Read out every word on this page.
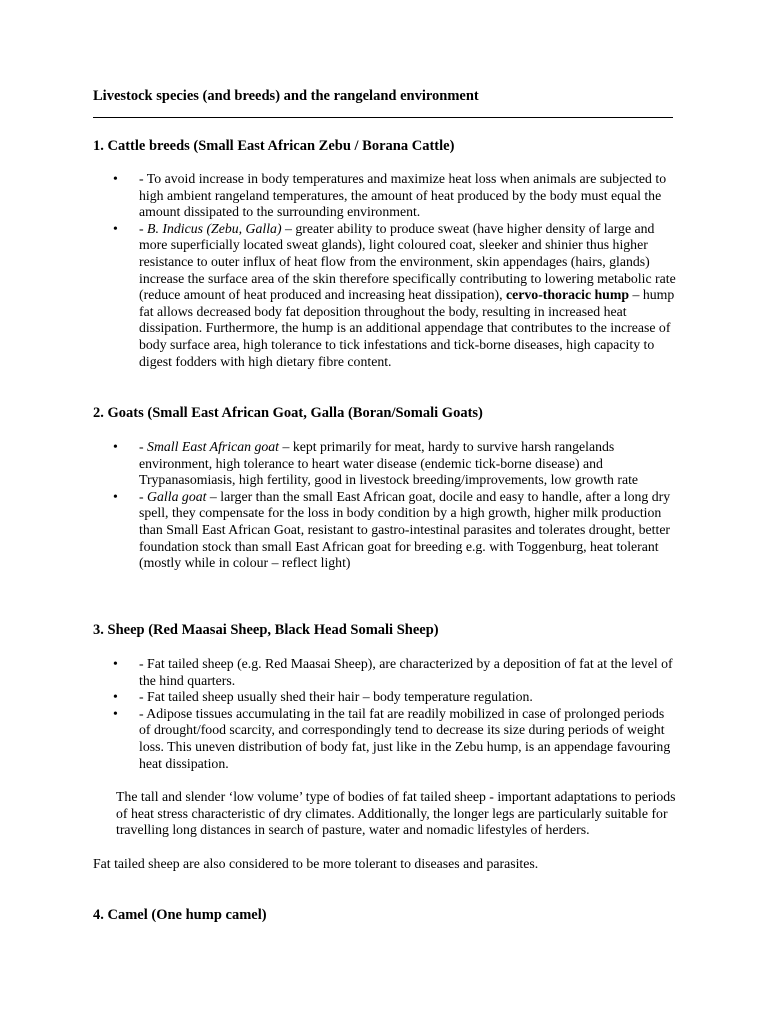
Livestock species (and breeds) and the rangeland environment
1. Cattle breeds (Small East African Zebu / Borana Cattle)
• - To avoid increase in body temperatures and maximize heat loss when animals are subjected to high ambient rangeland temperatures, the amount of heat produced by the body must equal the amount dissipated to the surrounding environment.
• - B. Indicus (Zebu, Galla) – greater ability to produce sweat (have higher density of large and more superficially located sweat glands), light coloured coat, sleeker and shinier thus higher resistance to outer influx of heat flow from the environment, skin appendages (hairs, glands) increase the surface area of the skin therefore specifically contributing to lowering metabolic rate (reduce amount of heat produced and increasing heat dissipation), cervo-thoracic hump – hump fat allows decreased body fat deposition throughout the body, resulting in increased heat dissipation. Furthermore, the hump is an additional appendage that contributes to the increase of body surface area, high tolerance to tick infestations and tick-borne diseases, high capacity to digest fodders with high dietary fibre content.
2. Goats (Small East African Goat, Galla (Boran/Somali Goats)
• - Small East African goat – kept primarily for meat, hardy to survive harsh rangelands environment, high tolerance to heart water disease (endemic tick-borne disease) and Trypanasomiasis, high fertility, good in livestock breeding/improvements, low growth rate
• - Galla goat – larger than the small East African goat, docile and easy to handle, after a long dry spell, they compensate for the loss in body condition by a high growth, higher milk production than Small East African Goat, resistant to gastro-intestinal parasites and tolerates drought, better foundation stock than small East African goat for breeding e.g. with Toggenburg, heat tolerant (mostly while in colour – reflect light)
3. Sheep (Red Maasai Sheep, Black Head Somali Sheep)
• - Fat tailed sheep (e.g. Red Maasai Sheep), are characterized by a deposition of fat at the level of the hind quarters.
• - Fat tailed sheep usually shed their hair – body temperature regulation.
• - Adipose tissues accumulating in the tail fat are readily mobilized in case of prolonged periods of drought/food scarcity, and correspondingly tend to decrease its size during periods of weight loss. This uneven distribution of body fat, just like in the Zebu hump, is an appendage favouring heat dissipation.
The tall and slender ‘low volume’ type of bodies of fat tailed sheep - important adaptations to periods of heat stress characteristic of dry climates. Additionally, the longer legs are particularly suitable for travelling long distances in search of pasture, water and nomadic lifestyles of herders.
Fat tailed sheep are also considered to be more tolerant to diseases and parasites.
4. Camel (One hump camel)
